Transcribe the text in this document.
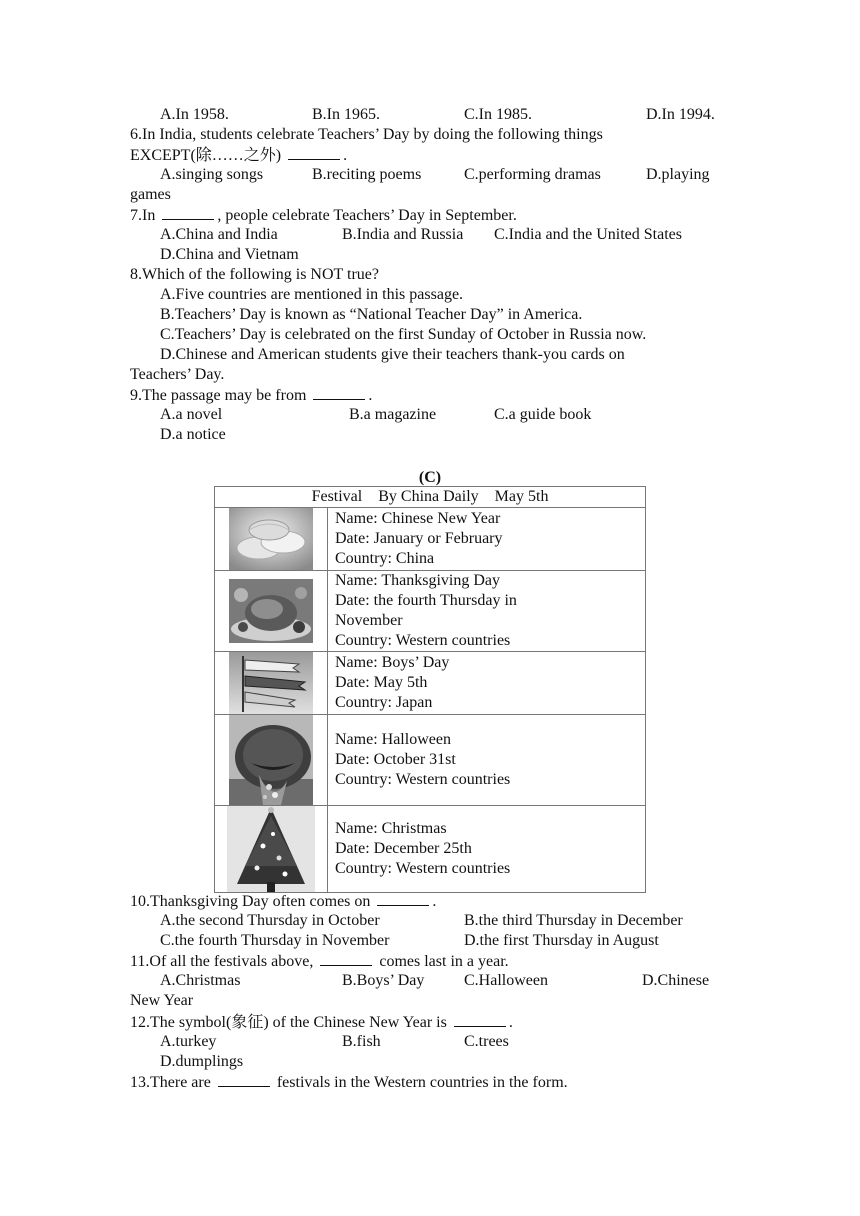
A.In 1958.	B.In 1965.	C.In 1985.	D.In 1994.
6.In India, students celebrate Teachers’ Day by doing the following things
EXCEPT(除……之外)	.
A.singing songs	B.reciting poems	C.performing dramas	D.playing
games
7.In	, people celebrate Teachers’ Day in September.
A.China and India	B.India and Russia	C.India and the United States
D.China and Vietnam
8.Which of the following is NOT true?
A.Five countries are mentioned in this passage.
B.Teachers’ Day is known as “National Teacher Day” in America.
C.Teachers’ Day is celebrated on the first Sunday of October in Russia now.
D.Chinese and American students give their teachers thank-you cards on
Teachers’ Day.
9.The passage may be from	.
A.a novel	B.a magazine	C.a guide book
D.a notice
(C)
Festival    By China Daily    May 5th	

Name: Chinese New Year
Date: January or February
Country: China

Name: Thanksgiving Day
Date: the fourth Thursday in
November
Country: Western countries

Name: Boys’ Day
Date: May 5th
Country: Japan

Name: Halloween
Date: October 31st
Country: Western countries

Name: Christmas
Date: December 25th
Country: Western countries
10.Thanksgiving Day often comes on	.
A.the second Thursday in October	B.the third Thursday in December
C.the fourth Thursday in November	D.the first Thursday in August
11.Of all the festivals above,	comes last in a year.
A.Christmas	B.Boys’ Day	C.Halloween	D.Chinese
New Year
12.The symbol(象征) of the Chinese New Year is	.
A.turkey	B.fish	C.trees
D.dumplings
13.There are	festivals in the Western countries in the form.
